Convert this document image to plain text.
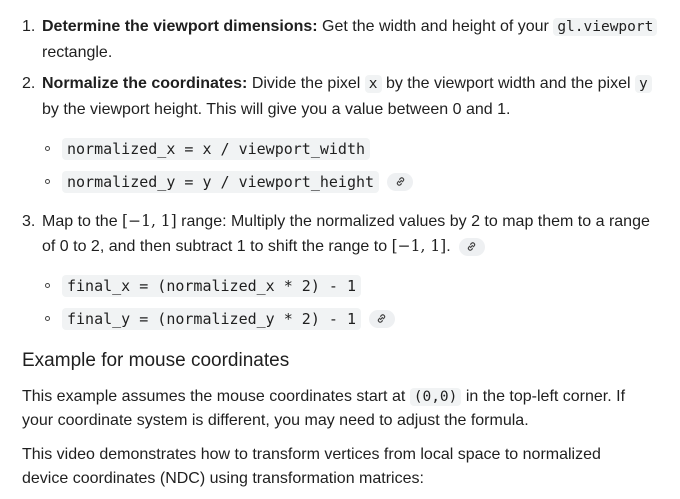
1. Determine the viewport dimensions: Get the width and height of your gl.viewport rectangle.
2. Normalize the coordinates: Divide the pixel x by the viewport width and the pixel y by the viewport height. This will give you a value between 0 and 1.
normalized_x = x / viewport_width
normalized_y = y / viewport_height
3. Map to the [−1, 1] range: Multiply the normalized values by 2 to map them to a range of 0 to 2, and then subtract 1 to shift the range to [−1, 1].
final_x = (normalized_x * 2) - 1
final_y = (normalized_y * 2) - 1
Example for mouse coordinates

This example assumes the mouse coordinates start at (0,0) in the top-left corner. If your coordinate system is different, you may need to adjust the formula.

This video demonstrates how to transform vertices from local space to normalized device coordinates (NDC) using transformation matrices:
